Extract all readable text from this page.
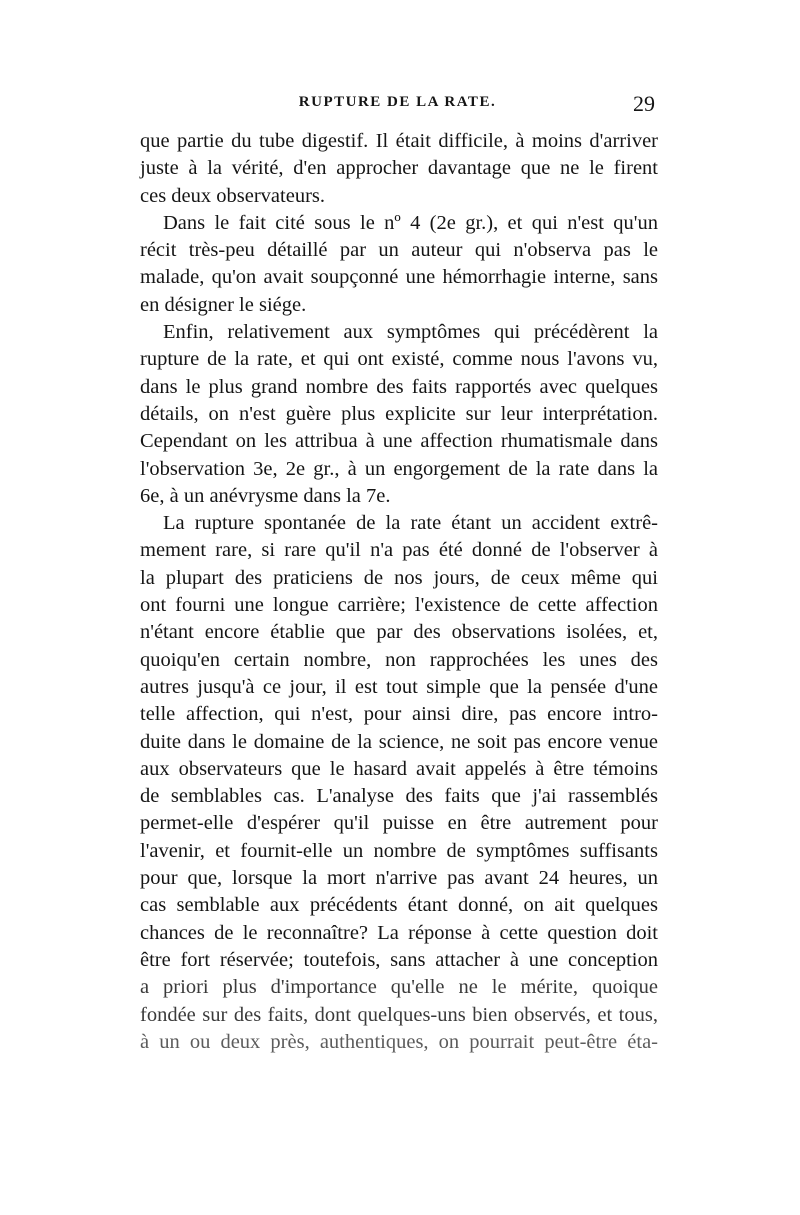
RUPTURE DE LA RATE.	29
que partie du tube digestif. Il était difficile, à moins d'arriver
juste à la vérité, d'en approcher davantage que ne le firent
ces deux observateurs.
Dans le fait cité sous le nº 4 (2e gr.), et qui n'est qu'un
récit très-peu détaillé par un auteur qui n'observa pas le
malade, qu'on avait soupçonné une hémorrhagie interne, sans
en désigner le siége.
Enfin, relativement aux symptômes qui précédèrent la
rupture de la rate, et qui ont existé, comme nous l'avons vu,
dans le plus grand nombre des faits rapportés avec quelques
détails, on n'est guère plus explicite sur leur interprétation.
Cependant on les attribua à une affection rhumatismale dans
l'observation 3e, 2e gr., à un engorgement de la rate dans la
6e, à un anévrysme dans la 7e.
La rupture spontanée de la rate étant un accident extrê-
mement rare, si rare qu'il n'a pas été donné de l'observer à
la plupart des praticiens de nos jours, de ceux même qui
ont fourni une longue carrière; l'existence de cette affection
n'étant encore établie que par des observations isolées, et,
quoiqu'en certain nombre, non rapprochées les unes des
autres jusqu'à ce jour, il est tout simple que la pensée d'une
telle affection, qui n'est, pour ainsi dire, pas encore intro-
duite dans le domaine de la science, ne soit pas encore venue
aux observateurs que le hasard avait appelés à être témoins
de semblables cas. L'analyse des faits que j'ai rassemblés
permet-elle d'espérer qu'il puisse en être autrement pour
l'avenir, et fournit-elle un nombre de symptômes suffisants
pour que, lorsque la mort n'arrive pas avant 24 heures, un
cas semblable aux précédents étant donné, on ait quelques
chances de le reconnaître? La réponse à cette question doit
être fort réservée; toutefois, sans attacher à une conception
a priori plus d'importance qu'elle ne le mérite, quoique
fondée sur des faits, dont quelques-uns bien observés, et tous,
à un ou deux près, authentiques, on pourrait peut-être éta-
